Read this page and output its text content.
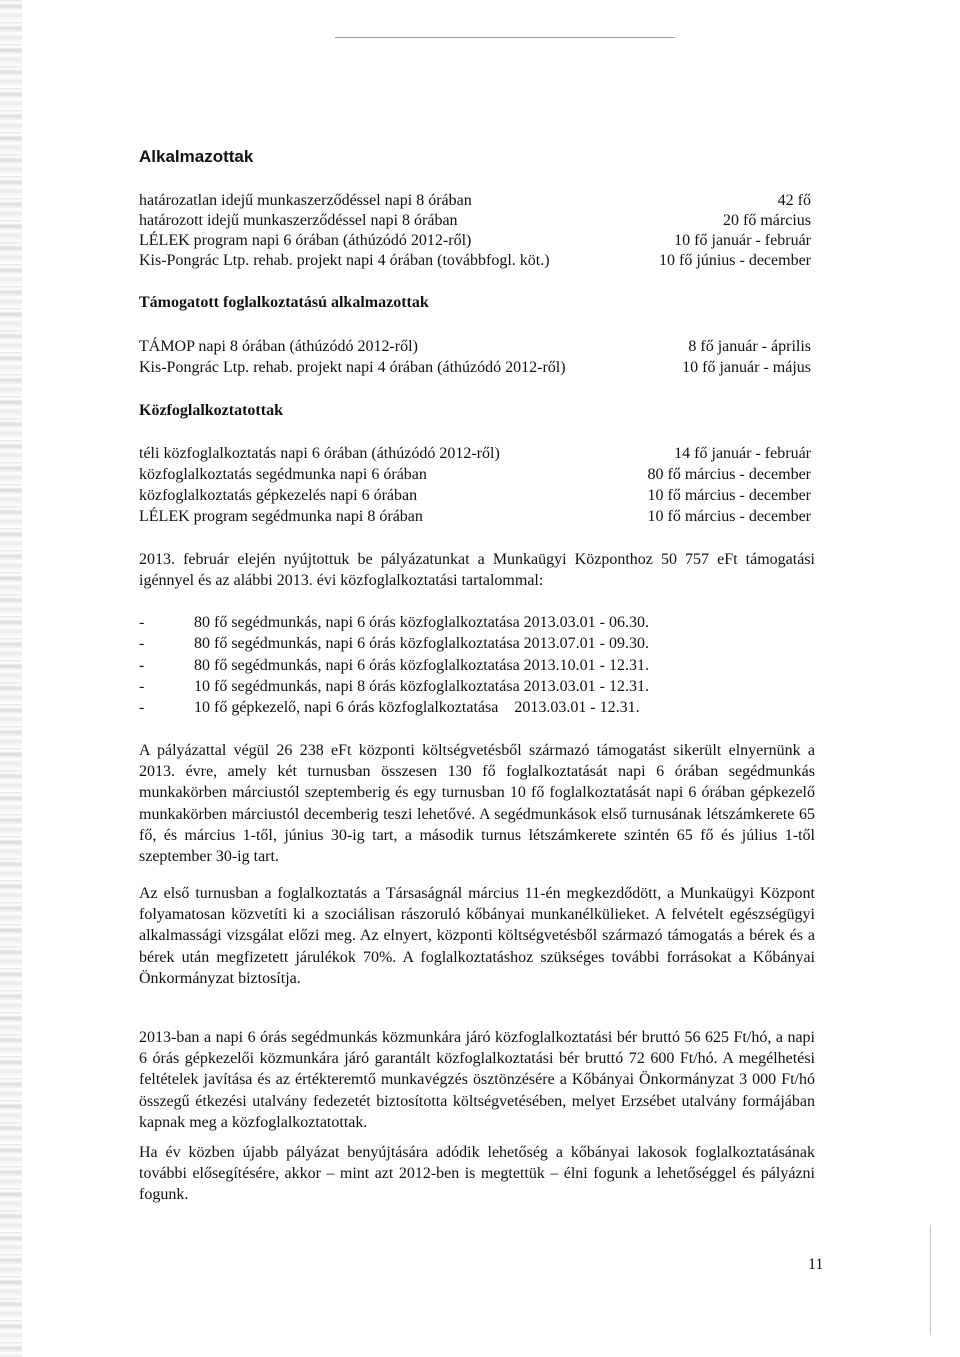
Alkalmazottak
határozatlan idejű munkaszerződéssel napi 8 órában	42 fő
határozott idejű munkaszerződéssel napi 8 órában	20 fő március
LÉLEK program napi 6 órában (áthúzódó 2012-ről)	10 fő január - február
Kis-Pongrác Ltp. rehab. projekt napi 4 órában (továbbfogl. köt.)	10 fő június - december
Támogatott foglalkoztatású alkalmazottak
TÁMOP napi 8 órában (áthúzódó 2012-ről)	8 fő január - április
Kis-Pongrác Ltp. rehab. projekt napi 4 órában (áthúzódó 2012-ről)	10 fő január - május
Közfoglalkoztatottak
téli közfoglalkoztatás napi 6 órában (áthúzódó 2012-ről)	14 fő január - február
közfoglalkoztatás segédmunka napi 6 órában	80 fő március - december
közfoglalkoztatás gépkezelés napi 6 órában	10 fő március - december
LÉLEK program segédmunka napi 8 órában	10 fő március - december
2013. február elején nyújtottuk be pályázatunkat a Munkaügyi Központhoz 50 757 eFt támogatási igénnyel és az alábbi 2013. évi közfoglalkoztatási tartalommal:
-	80 fő segédmunkás, napi 6 órás közfoglalkoztatása 2013.03.01 - 06.30.
-	80 fő segédmunkás, napi 6 órás közfoglalkoztatása 2013.07.01 - 09.30.
-	80 fő segédmunkás, napi 6 órás közfoglalkoztatása 2013.10.01 - 12.31.
-	10 fő segédmunkás, napi 8 órás közfoglalkoztatása 2013.03.01 - 12.31.
-	10 fő gépkezelő, napi 6 órás közfoglalkoztatása    2013.03.01 - 12.31.
A pályázattal végül 26 238 eFt központi költségvetésből származó támogatást sikerült elnyernünk a 2013. évre, amely két turnusban összesen 130 fő foglalkoztatását napi 6 órában segédmunkás munkakörben márciustól szeptemberig és egy turnusban 10 fő foglalkoztatását napi 6 órában gépkezelő munkakörben márciustól decemberig teszi lehetővé. A segédmunkások első turnusának létszámkerete 65 fő, és március 1-től, június 30-ig tart, a második turnus létszámkerete szintén 65 fő és július 1-től szeptember 30-ig tart.
Az első turnusban a foglalkoztatás a Társaságnál március 11-én megkezdődött, a Munkaügyi Központ folyamatosan közvetíti ki a szociálisan rászoruló kőbányai munkanélkülieket. A felvételt egészségügyi alkalmassági vizsgálat előzi meg. Az elnyert, központi költségvetésből származó támogatás a bérek és a bérek után megfizetett járulékok 70%. A foglalkoztatáshoz szükséges további forrásokat a Kőbányai Önkormányzat biztosítja.
2013-ban a napi 6 órás segédmunkás közmunkára járó közfoglalkoztatási bér bruttó 56 625 Ft/hó, a napi 6 órás gépkezelői közmunkára járó garantált közfoglalkoztatási bér bruttó 72 600 Ft/hó. A megélhetési feltételek javítása és az értékteremtő munkavégzés ösztönzésére a Kőbányai Önkormányzat 3 000 Ft/hó összegű étkezési utalvány fedezetét biztosította költségvetésében, melyet Erzsébet utalvány formájában kapnak meg a közfoglalkoztatottak.
Ha év közben újabb pályázat benyújtására adódik lehetőség a kőbányai lakosok foglalkoztatásának további elősegítésére, akkor – mint azt 2012-ben is megtettük – élni fogunk a lehetőséggel és pályázni fogunk.
11
